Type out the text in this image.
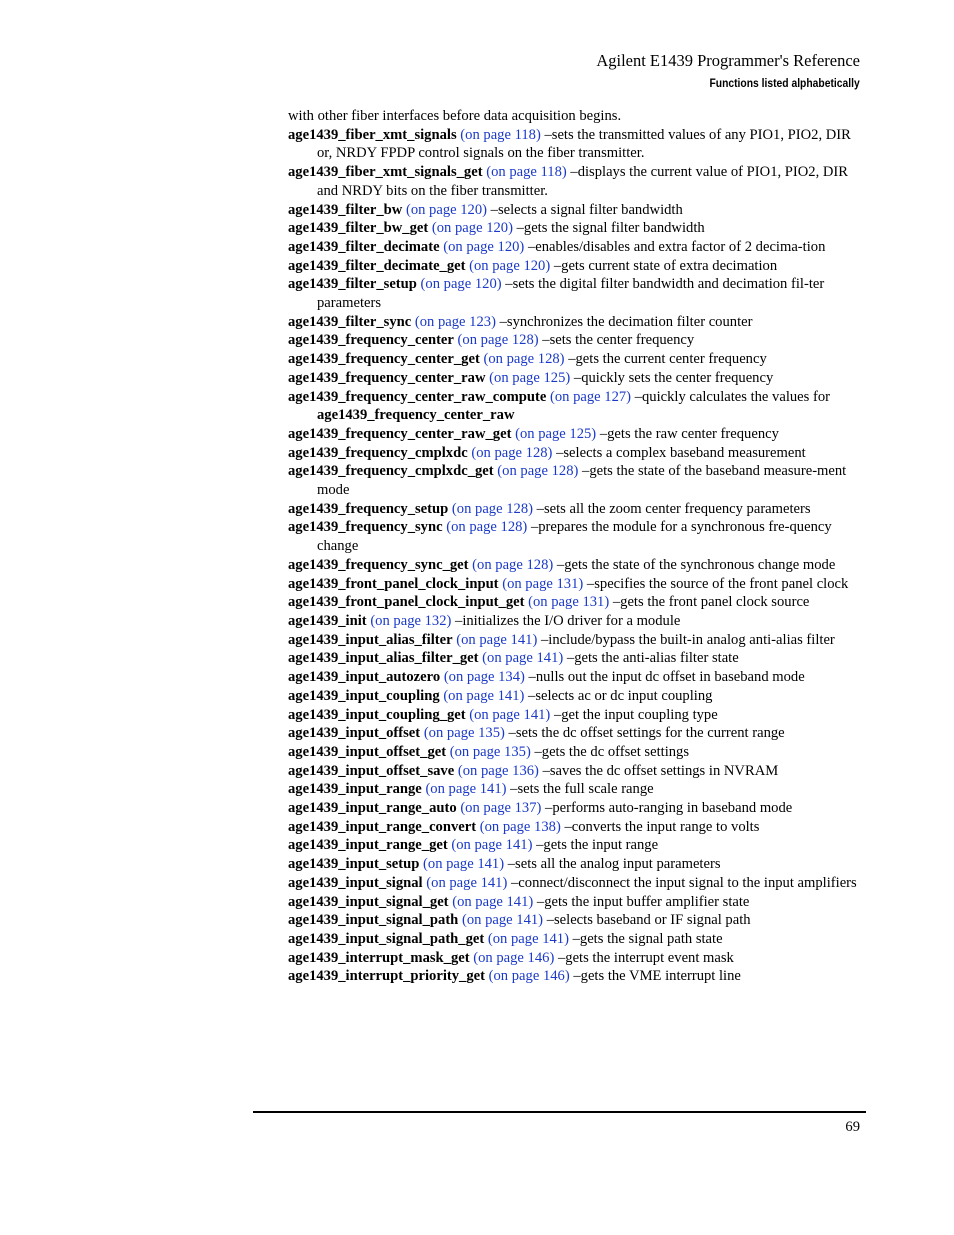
Agilent E1439 Programmer's Reference
Functions listed alphabetically

with other fiber interfaces before data acquisition begins.

age1439_fiber_xmt_signals (on page 118) –sets the transmitted values of any PIO1, PIO2, DIR or, NRDY FPDP control signals on the fiber transmitter.

age1439_fiber_xmt_signals_get (on page 118) –displays the current value of PIO1, PIO2, DIR and NRDY bits on the fiber transmitter.

age1439_filter_bw (on page 120) –selects a signal filter bandwidth

age1439_filter_bw_get (on page 120) –gets the signal filter bandwidth

age1439_filter_decimate (on page 120) –enables/disables and extra factor of 2 decima-tion

age1439_filter_decimate_get (on page 120) –gets current state of extra decimation

age1439_filter_setup (on page 120) –sets the digital filter bandwidth and decimation fil-ter parameters

age1439_filter_sync (on page 123) –synchronizes the decimation filter counter

age1439_frequency_center (on page 128) –sets the center frequency

age1439_frequency_center_get (on page 128) –gets the current center frequency

age1439_frequency_center_raw (on page 125) –quickly sets the center frequency

age1439_frequency_center_raw_compute (on page 127) –quickly calculates the values for age1439_frequency_center_raw

age1439_frequency_center_raw_get (on page 125) –gets the raw center frequency

age1439_frequency_cmplxdc (on page 128) –selects a complex baseband measurement

age1439_frequency_cmplxdc_get (on page 128) –gets the state of the baseband measure-ment mode

age1439_frequency_setup (on page 128) –sets all the zoom center frequency parameters

age1439_frequency_sync (on page 128) –prepares the module for a synchronous fre-quency change

age1439_frequency_sync_get (on page 128) –gets the state of the synchronous change mode

age1439_front_panel_clock_input (on page 131) –specifies the source of the front panel clock

age1439_front_panel_clock_input_get (on page 131) –gets the front panel clock source

age1439_init (on page 132) –initializes the I/O driver for a module

age1439_input_alias_filter (on page 141) –include/bypass the built-in analog anti-alias filter

age1439_input_alias_filter_get (on page 141) –gets the anti-alias filter state

age1439_input_autozero (on page 134) –nulls out the input dc offset in baseband mode

age1439_input_coupling (on page 141) –selects ac or dc input coupling

age1439_input_coupling_get (on page 141) –get the input coupling type

age1439_input_offset (on page 135) –sets the dc offset settings for the current range

age1439_input_offset_get (on page 135) –gets the dc offset settings

age1439_input_offset_save (on page 136) –saves the dc offset settings in NVRAM

age1439_input_range (on page 141) –sets the full scale range

age1439_input_range_auto (on page 137) –performs auto-ranging in baseband mode

age1439_input_range_convert (on page 138) –converts the input range to volts

age1439_input_range_get (on page 141) –gets the input range

age1439_input_setup (on page 141) –sets all the analog input parameters

age1439_input_signal (on page 141) –connect/disconnect the input signal to the input amplifiers

age1439_input_signal_get (on page 141) –gets the input buffer amplifier state

age1439_input_signal_path (on page 141) –selects baseband or IF signal path

age1439_input_signal_path_get (on page 141) –gets the signal path state

age1439_interrupt_mask_get (on page 146) –gets the interrupt event mask

age1439_interrupt_priority_get (on page 146) –gets the VME interrupt line

69
